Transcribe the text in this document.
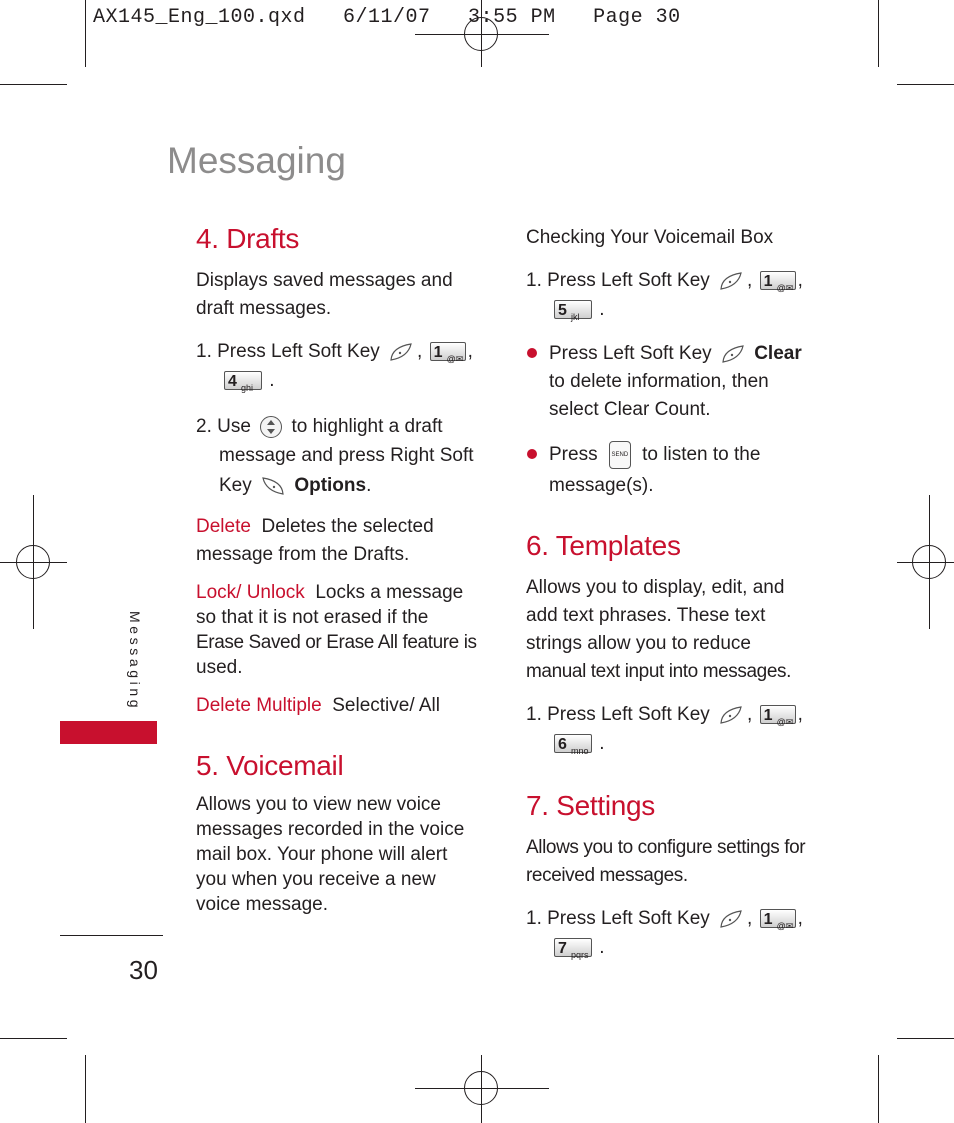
AX145_Eng_100.qxd   6/11/07   3:55 PM   Page 30
Messaging
Messaging
30
4. Drafts
Displays saved messages and
draft messages.
1. Press Left Soft Key , 1 @✉ ,
4 ghi .
2. Use to highlight a draft
message and press Right Soft
Key Options.
Delete Deletes the selected
message from the Drafts.
Lock/ Unlock Locks a message
so that it is not erased if the
Erase Saved or Erase All feature is
used.
Delete Multiple Selective/ All
5. Voicemail
Allows you to view new voice
messages recorded in the voice
mail box. Your phone will alert
you when you receive a new
voice message.
Checking Your Voicemail Box
1. Press Left Soft Key , 1 @✉ ,
5 jkl .
Press Left Soft Key Clear
to delete information, then
select Clear Count.
Press SEND to listen to the
message(s).
6. Templates
Allows you to display, edit, and
add text phrases. These text
strings allow you to reduce
manual text input into messages.
1. Press Left Soft Key , 1 @✉ ,
6 mno .
7. Settings
Allows you to configure settings for
received messages.
1. Press Left Soft Key , 1 @✉ ,
7 pqrs .
